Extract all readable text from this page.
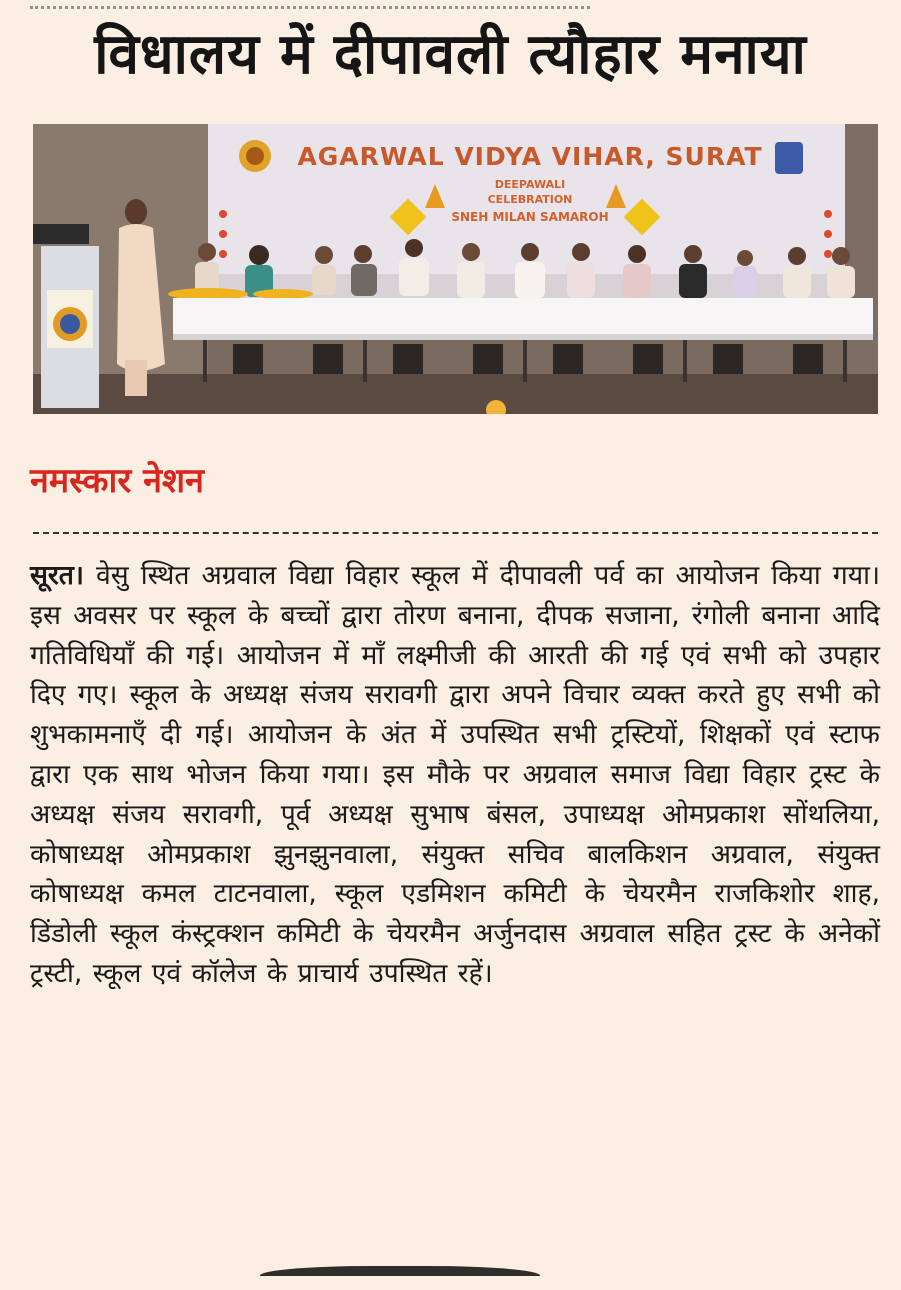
विधालय में दीपावली त्यौहार मनाया
AGARWAL VIDYA VIHAR, SURAT
DEEPAWALI
CELEBRATION
SNEH MILAN SAMAROH
नमस्कार नेशन
सूरत। वेसु स्थित अग्रवाल विद्या विहार स्कूल में दीपावली पर्व का आयोजन किया गया। इस अवसर पर स्कूल के बच्चों द्वारा तोरण बनाना, दीपक सजाना, रंगोली बनाना आदि गतिविधियाँ की गई। आयोजन में माँ लक्ष्मीजी की आरती की गई एवं सभी को उपहार दिए गए। स्कूल के अध्यक्ष संजय सरावगी द्वारा अपने विचार व्यक्त करते हुए सभी को शुभकामनाएँ दी गई। आयोजन के अंत में उपस्थित सभी ट्रस्टियों, शिक्षकों एवं स्टाफ द्वारा एक साथ भोजन किया गया। इस मौके पर अग्रवाल समाज विद्या विहार ट्रस्ट के अध्यक्ष संजय सरावगी, पूर्व अध्यक्ष सुभाष बंसल, उपाध्यक्ष ओमप्रकाश सोंथलिया, कोषाध्यक्ष ओमप्रकाश झुनझुनवाला, संयुक्त सचिव बालकिशन अग्रवाल, संयुक्त कोषाध्यक्ष कमल टाटनवाला, स्कूल एडमिशन कमिटी के चेयरमैन राजकिशोर शाह, डिंडोली स्कूल कंस्ट्रक्शन कमिटी के चेयरमैन अर्जुनदास अग्रवाल सहित ट्रस्ट के अनेकों ट्रस्टी, स्कूल एवं कॉलेज के प्राचार्य उपस्थित रहें।
